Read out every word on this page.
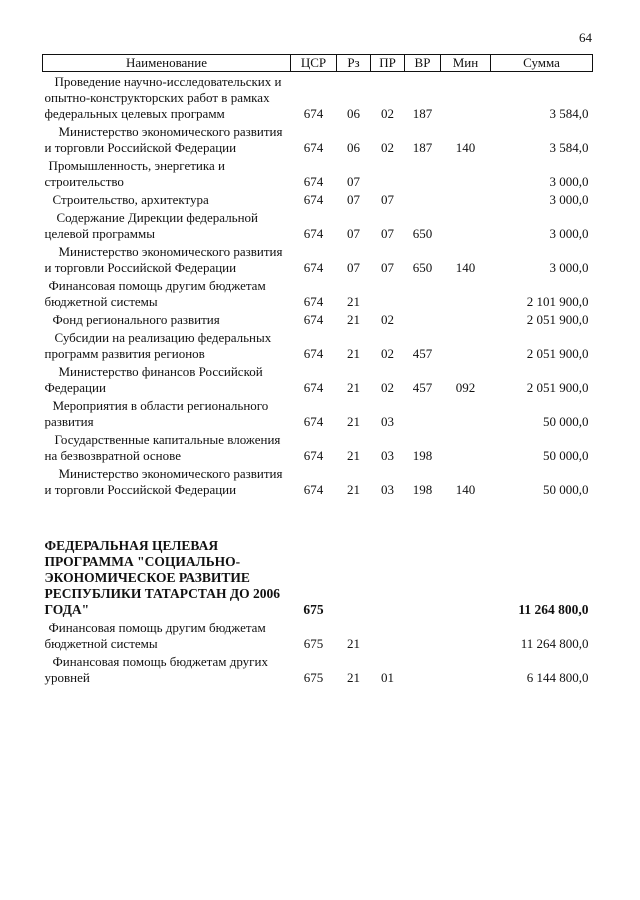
64
Наименование	ЦСР	Рз	ПР	ВР	Мин	Сумма
Проведение научно-исследовательских и опытно-конструкторских работ в рамках федеральных целевых программ	674	06	02	187		3 584,0
Министерство экономического развития и торговли Российской Федерации	674	06	02	187	140	3 584,0
Промышленность, энергетика и строительство	674	07				3 000,0
Строительство, архитектура	674	07	07			3 000,0
Содержание Дирекции федеральной целевой программы	674	07	07	650		3 000,0
Министерство экономического развития и торговли Российской Федерации	674	07	07	650	140	3 000,0
Финансовая помощь другим бюджетам бюджетной системы	674	21				2 101 900,0
Фонд регионального развития	674	21	02			2 051 900,0
Субсидии на реализацию федеральных программ развития регионов	674	21	02	457		2 051 900,0
Министерство финансов Российской Федерации	674	21	02	457	092	2 051 900,0
Мероприятия в области регионального развития	674	21	03			50 000,0
Государственные капитальные вложения на безвозвратной основе	674	21	03	198		50 000,0
Министерство экономического развития и торговли Российской Федерации	674	21	03	198	140	50 000,0

ФЕДЕРАЛЬНАЯ ЦЕЛЕВАЯ ПРОГРАММА "СОЦИАЛЬНО-ЭКОНОМИЧЕСКОЕ РАЗВИТИЕ РЕСПУБЛИКИ ТАТАРСТАН ДО 2006 ГОДА"	675					11 264 800,0
Финансовая помощь другим бюджетам бюджетной системы	675	21				11 264 800,0
Финансовая помощь бюджетам других уровней	675	21	01			6 144 800,0
